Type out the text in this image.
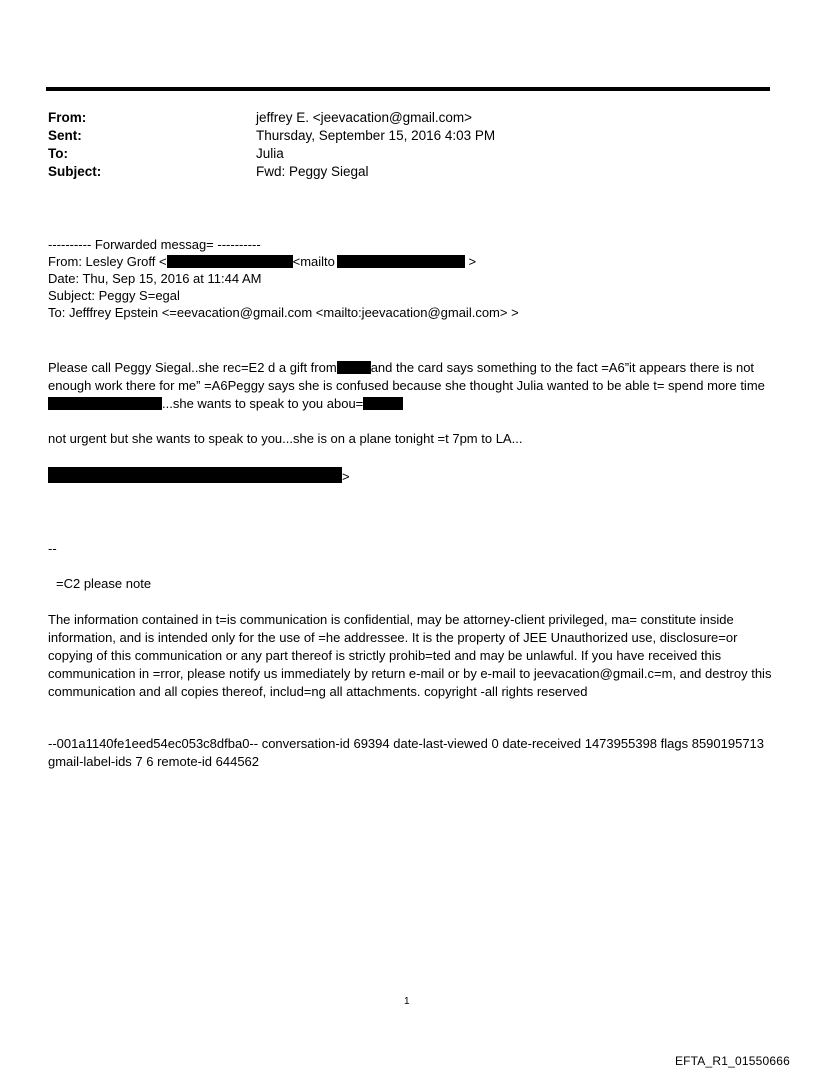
From:	jeffrey E. <jeevacation@gmail.com>
Sent:	Thursday, September 15, 2016 4:03 PM
To:	Julia
Subject:	Fwd: Peggy Siegal
---------- Forwarded messag= ----------
From: Lesley Groff <	<mailto	>
Date: Thu, Sep 15, 2016 at 11:44 AM
Subject: Peggy S=egal
To: Jefffrey Epstein <=eevacation@gmail.com <mailto:jeevacation@gmail.com> >
Please call Peggy Siegal..she rec=E2 d a gift from	and the card says something to the fact =A6”it appears there is not enough work there for me” =A6Peggy says she is confused because she thought Julia wanted to be able t= spend more time...she wants to speak to you abou=
not urgent but she wants to speak to you...she is on a plane tonight =t 7pm to LA...
>
--
=C2 please note
The information contained in t=is communication is confidential, may be attorney-client privileged, ma= constitute inside information, and is intended only for the use of =he addressee. It is the property of JEE Unauthorized use, disclosure=or copying of this communication or any part thereof is strictly prohib=ted and may be unlawful. If you have received this communication in =rror, please notify us immediately by return e-mail or by e-mail to jeevacation@gmail.c=m, and destroy this communication and all copies thereof, includ=ng all attachments. copyright -all rights reserved
--001a1140fe1eed54ec053c8dfba0-- conversation-id 69394 date-last-viewed 0 date-received 1473955398 flags 8590195713 gmail-label-ids 7 6 remote-id 644562
1
EFTA_R1_01550666
